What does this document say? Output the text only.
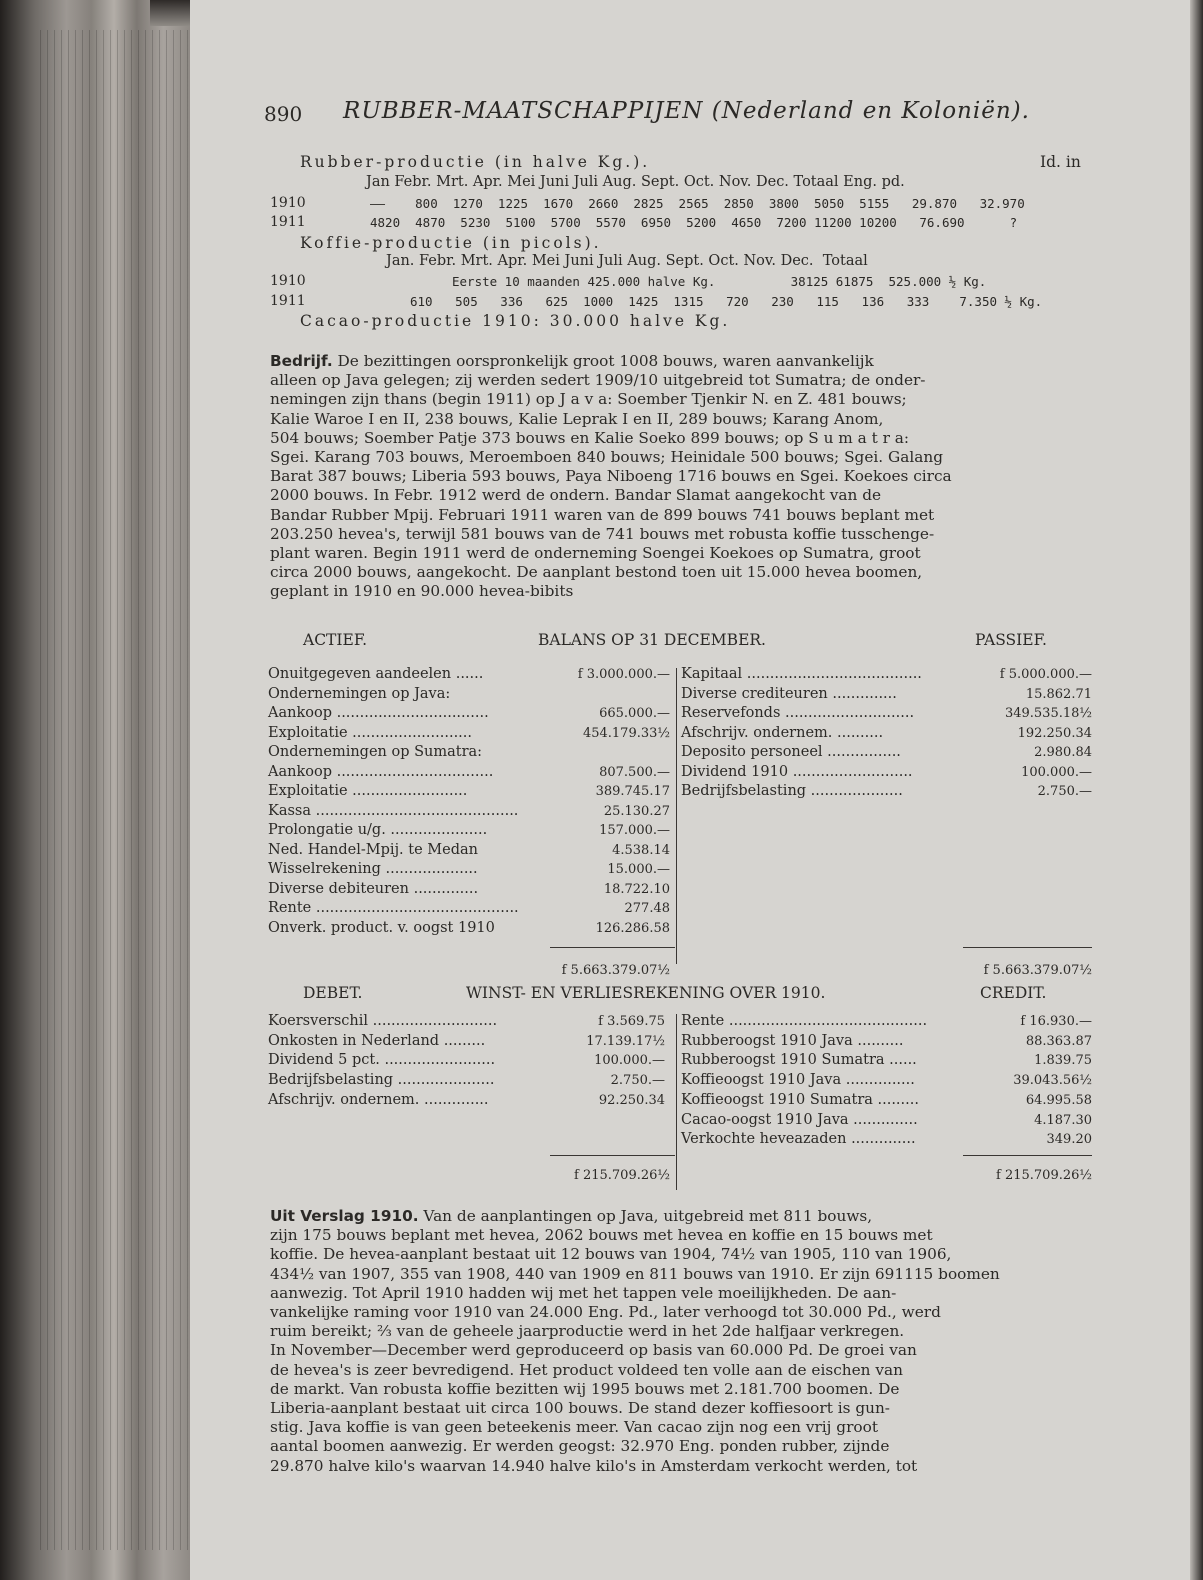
890 RUBBER-MAATSCHAPPIJEN (Nederland en Koloniën).
Rubber-productie (in halve Kg.).	Id. in
Jan Febr. Mrt. Apr. Mei Juni Juli Aug. Sept. Oct. Nov. Dec. Totaal Eng. pd.
1910	——    800  1270  1225  1670  2660  2825  2565  2850  3800  5050  5155   29.870   32.970
1911	4820  4870  5230  5100  5700  5570  6950  5200  4650  7200 11200 10200   76.690      ?
Koffie-productie (in picols).
Jan. Febr. Mrt. Apr. Mei Juni Juli Aug. Sept. Oct. Nov. Dec.  Totaal
1910	Eerste 10 maanden 425.000 halve Kg.          38125 61875  525.000 ½ Kg.
1911	610   505   336   625  1000  1425  1315   720   230   115   136   333    7.350 ½ Kg.
Cacao-productie 1910: 30.000 halve Kg.
Bedrijf. De bezittingen oorspronkelijk groot 1008 bouws, waren aanvankelijk
alleen op Java gelegen; zij werden sedert 1909/10 uitgebreid tot Sumatra; de onder-
nemingen zijn thans (begin 1911) op J a v a: Soember Tjenkir N. en Z. 481 bouws;
Kalie Waroe I en II, 238 bouws, Kalie Leprak I en II, 289 bouws; Karang Anom,
504 bouws; Soember Patje 373 bouws en Kalie Soeko 899 bouws; op S u m a t r a:
Sgei. Karang 703 bouws, Meroemboen 840 bouws; Heinidale 500 bouws; Sgei. Galang
Barat 387 bouws; Liberia 593 bouws, Paya Niboeng 1716 bouws en Sgei. Koekoes circa
2000 bouws. In Febr. 1912 werd de ondern. Bandar Slamat aangekocht van de
Bandar Rubber Mpij. Februari 1911 waren van de 899 bouws 741 bouws beplant met
203.250 hevea's, terwijl 581 bouws van de 741 bouws met robusta koffie tusschenge-
plant waren. Begin 1911 werd de onderneming Soengei Koekoes op Sumatra, groot
circa 2000 bouws, aangekocht. De aanplant bestond toen uit 15.000 hevea boomen,
geplant in 1910 en 90.000 hevea-bibits
ACTIEF.	BALANS OP 31 DECEMBER.	PASSIEF.
Onuitgegeven aandeelen ......	f 3.000.000.—
Ondernemingen op Java:
Aankoop .................................	665.000.—
Exploitatie ..........................	454.179.33½
Ondernemingen op Sumatra:
Aankoop ..................................	807.500.—
Exploitatie .........................	389.745.17
Kassa ............................................	25.130.27
Prolongatie u/g. .....................	157.000.—
Ned. Handel-Mpij. te Medan	4.538.14
Wisselrekening ....................	15.000.—
Diverse debiteuren ..............	18.722.10
Rente ............................................	277.48
Onverk. product. v. oogst 1910	126.286.58
Kapitaal ......................................	f 5.000.000.—
Diverse crediteuren ..............	15.862.71
Reservefonds ............................	349.535.18½
Afschrijv. ondernem. ..........	192.250.34
Deposito personeel ................	2.980.84
Dividend 1910 ..........................	100.000.—
Bedrijfsbelasting ....................	2.750.—
f 5.663.379.07½	f 5.663.379.07½
DEBET.	WINST- EN VERLIESREKENING OVER 1910.	CREDIT.
Koersverschil ...........................	f 3.569.75
Onkosten in Nederland .........	17.139.17½
Dividend 5 pct. ........................	100.000.—
Bedrijfsbelasting .....................	2.750.—
Afschrijv. ondernem. ..............	92.250.34
Rente ...........................................	f 16.930.—
Rubberoogst 1910 Java ..........	88.363.87
Rubberoogst 1910 Sumatra ......	1.839.75
Koffieoogst 1910 Java ...............	39.043.56½
Koffieoogst 1910 Sumatra .........	64.995.58
Cacao-oogst 1910 Java ..............	4.187.30
Verkochte heveazaden ..............	349.20
f 215.709.26½	f 215.709.26½
Uit Verslag 1910. Van de aanplantingen op Java, uitgebreid met 811 bouws,
zijn 175 bouws beplant met hevea, 2062 bouws met hevea en koffie en 15 bouws met
koffie. De hevea-aanplant bestaat uit 12 bouws van 1904, 74½ van 1905, 110 van 1906,
434½ van 1907, 355 van 1908, 440 van 1909 en 811 bouws van 1910. Er zijn 691115 boomen
aanwezig. Tot April 1910 hadden wij met het tappen vele moeilijkheden. De aan-
vankelijke raming voor 1910 van 24.000 Eng. Pd., later verhoogd tot 30.000 Pd., werd
ruim bereikt; ⅔ van de geheele jaarproductie werd in het 2de halfjaar verkregen.
In November—December werd geproduceerd op basis van 60.000 Pd. De groei van
de hevea's is zeer bevredigend. Het product voldeed ten volle aan de eischen van
de markt. Van robusta koffie bezitten wij 1995 bouws met 2.181.700 boomen. De
Liberia-aanplant bestaat uit circa 100 bouws. De stand dezer koffiesoort is gun-
stig. Java koffie is van geen beteekenis meer. Van cacao zijn nog een vrij groot
aantal boomen aanwezig. Er werden geogst: 32.970 Eng. ponden rubber, zijnde
29.870 halve kilo's waarvan 14.940 halve kilo's in Amsterdam verkocht werden, tot
